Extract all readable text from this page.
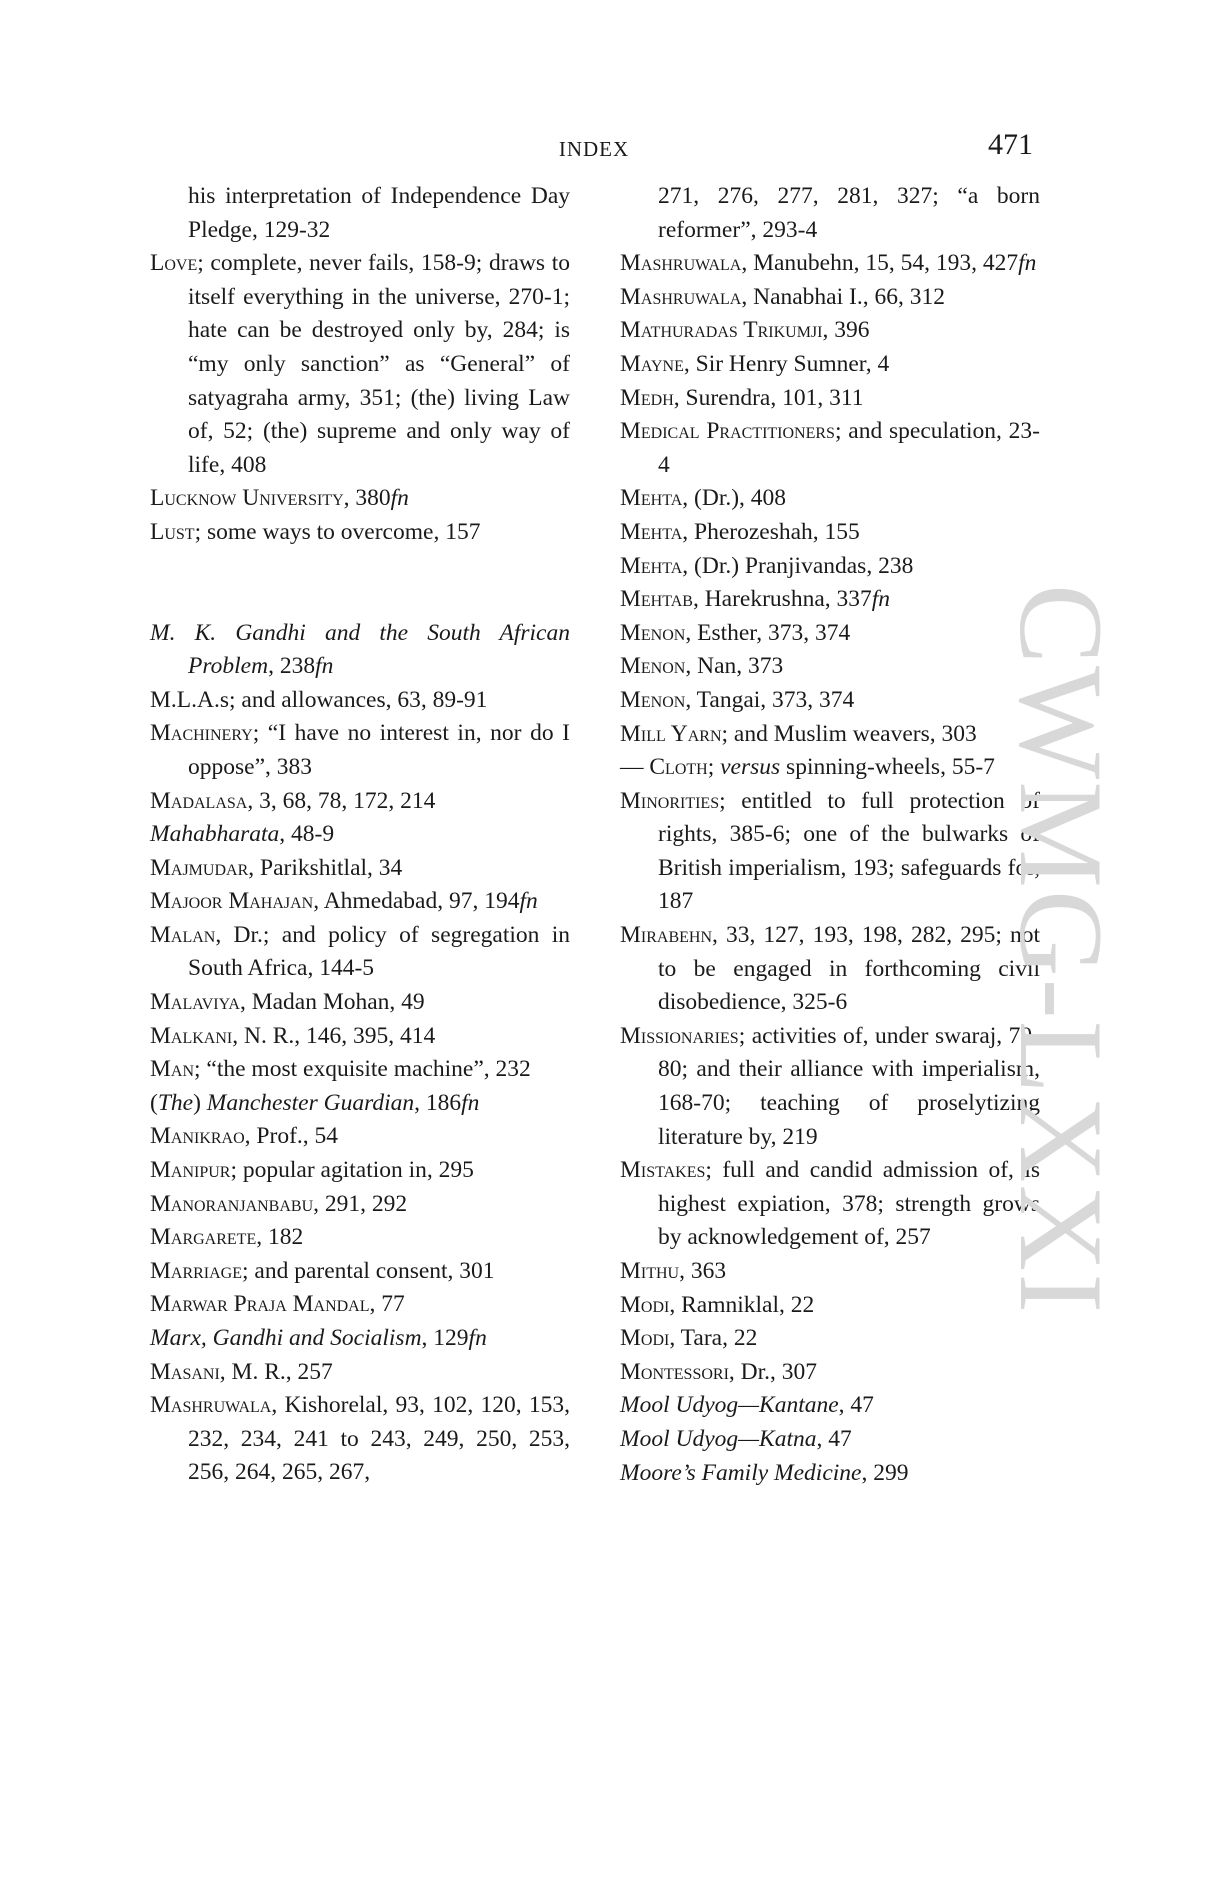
INDEX	471
his interpretation of Independence Day Pledge, 129-32
Love; complete, never fails, 158-9; draws to itself everything in the universe, 270-1; hate can be destroyed only by, 284; is “my only sanction” as “General” of satyagraha army, 351; (the) living Law of, 52; (the) supreme and only way of life, 408
Lucknow University, 380fn
Lust; some ways to overcome, 157
M. K. Gandhi and the South African Problem, 238fn
M.L.A.s; and allowances, 63, 89-91
Machinery; “I have no interest in, nor do I oppose”, 383
Madalasa, 3, 68, 78, 172, 214
Mahabharata, 48-9
Majmudar, Parikshitlal, 34
Majoor Mahajan, Ahmedabad, 97, 194fn
Malan, Dr.; and policy of segregation in South Africa, 144-5
Malaviya, Madan Mohan, 49
Malkani, N. R., 146, 395, 414
Man; “the most exquisite machine”, 232
(The) Manchester Guardian, 186fn
Manikrao, Prof., 54
Manipur; popular agitation in, 295
Manoranjanbabu, 291, 292
Margarete, 182
Marriage; and parental consent, 301
Marwar Praja Mandal, 77
Marx, Gandhi and Socialism, 129fn
Masani, M. R., 257
Mashruwala, Kishorelal, 93, 102, 120, 153, 232, 234, 241 to 243, 249, 250, 253, 256, 264, 265, 267,
271, 276, 277, 281, 327; “a born reformer”, 293-4
Mashruwala, Manubehn, 15, 54, 193, 427fn
Mashruwala, Nanabhai I., 66, 312
Mathuradas Trikumji, 396
Mayne, Sir Henry Sumner, 4
Medh, Surendra, 101, 311
Medical Practitioners; and speculation, 23-4
Mehta, (Dr.), 408
Mehta, Pherozeshah, 155
Mehta, (Dr.) Pranjivandas, 238
Mehtab, Harekrushna, 337fn
Menon, Esther, 373, 374
Menon, Nan, 373
Menon, Tangai, 373, 374
Mill Yarn; and Muslim weavers, 303
— Cloth; versus spinning-wheels, 55-7
Minorities; entitled to full protection of rights, 385-6; one of the bulwarks of British imperialism, 193; safeguards for, 187
Mirabehn, 33, 127, 193, 198, 282, 295; not to be engaged in forthcoming civil disobedience, 325-6
Missionaries; activities of, under swaraj, 79-80; and their alliance with imperialism, 168-70; teaching of proselytizing literature by, 219
Mistakes; full and candid admission of, is highest expiation, 378; strength grows by acknowledgement of, 257
Mithu, 363
Modi, Ramniklal, 22
Modi, Tara, 22
Montessori, Dr., 307
Mool Udyog—Kantane, 47
Mool Udyog—Katna, 47
Moore’s Family Medicine, 299
CWMG-LXXI
